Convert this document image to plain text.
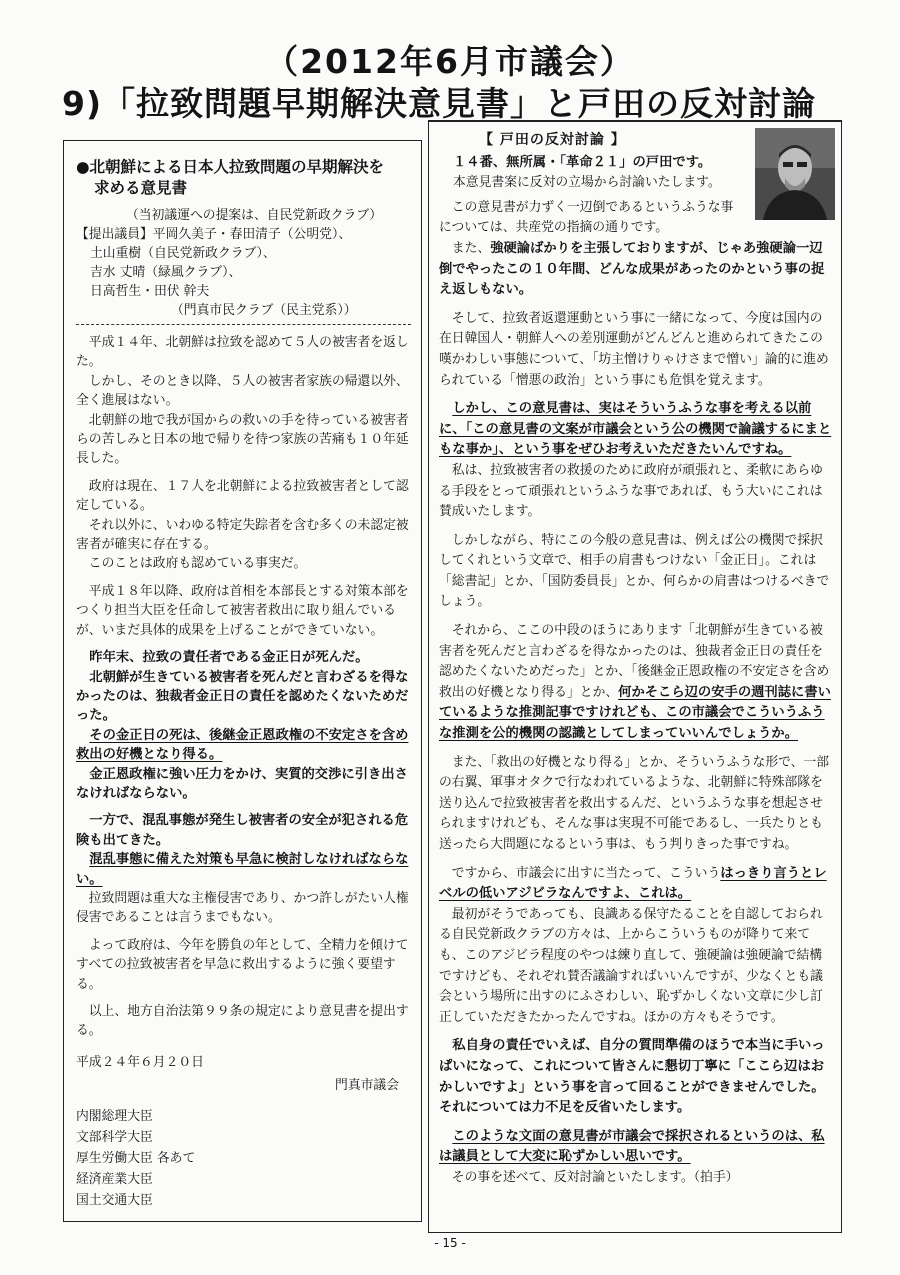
（2012年6月市議会）
9)「拉致問題早期解決意見書」と戸田の反対討論

●北朝鮮による日本人拉致問題の早期解決を
求める意見書

（当初議運への提案は、自民党新政クラブ）
【提出議員】平岡久美子・春田清子（公明党）、
土山重樹（自民党新政クラブ）、
吉水 丈晴（緑風クラブ）、
日高哲生・田伏 幹夫
（門真市民クラブ（民主党系））

　平成１４年、北朝鮮は拉致を認めて５人の被害者を返した。

　しかし、そのとき以降、５人の被害者家族の帰還以外、全く進展はない。

　北朝鮮の地で我が国からの救いの手を待っている被害者らの苦しみと日本の地で帰りを待つ家族の苦痛も１０年延長した。

　政府は現在、１７人を北朝鮮による拉致被害者として認定している。

　それ以外に、いわゆる特定失踪者を含む多くの未認定被害者が確実に存在する。

　このことは政府も認めている事実だ。

　平成１８年以降、政府は首相を本部長とする対策本部をつくり担当大臣を任命して被害者救出に取り組んでいるが、いまだ具体的成果を上げることができていない。

　昨年末、拉致の責任者である金正日が死んだ。

　北朝鮮が生きている被害者を死んだと言わざるを得なかったのは、独裁者金正日の責任を認めたくないためだった。

　その金正日の死は、後継金正恩政権の不安定さを含め救出の好機となり得る。

　金正恩政権に強い圧力をかけ、実質的交渉に引き出さなければならない。

　一方で、混乱事態が発生し被害者の安全が犯される危険も出てきた。

　混乱事態に備えた対策も早急に検討しなければならない。

　拉致問題は重大な主権侵害であり、かつ許しがたい人権侵害であることは言うまでもない。

　よって政府は、今年を勝負の年として、全精力を傾けてすべての拉致被害者を早急に救出するように強く要望する。

　以上、地方自治法第９９条の規定により意見書を提出する。

平成２４年６月２０日

門真市議会

内閣総理大臣

文部科学大臣

厚生労働大臣 各あて

経済産業大臣

国土交通大臣

【 戸田の反対討論 】

１４番、無所属・「革命２１」の戸田です。

本意見書案に反対の立場から討論いたします。

　この意見書が力ずく一辺倒であるというふうな事については、共産党の指摘の通りです。

　また、強硬論ばかりを主張しておりますが、じゃあ強硬論一辺倒でやったこの１０年間、どんな成果があったのかという事の捉え返しもない。

　そして、拉致者返還運動という事に一緒になって、今度は国内の在日韓国人・朝鮮人への差別運動がどんどんと進められてきたこの嘆かわしい事態について、「坊主憎けりゃけさまで憎い」論的に進められている「憎悪の政治」という事にも危惧を覚えます。

　しかし、この意見書は、実はそういうふうな事を考える以前に、「この意見書の文案が市議会という公の機関で論議するにまともな事か」、という事をぜひお考えいただきたいんですね。

　私は、拉致被害者の救援のために政府が頑張れと、柔軟にあらゆる手段をとって頑張れというふうな事であれば、もう大いにこれは賛成いたします。

　しかしながら、特にこの今般の意見書は、例えば公の機関で採択してくれという文章で、相手の肩書もつけない「金正日」。これは「総書記」とか、「国防委員長」とか、何らかの肩書はつけるべきでしょう。

　それから、ここの中段のほうにあります「北朝鮮が生きている被害者を死んだと言わざるを得なかったのは、独裁者金正日の責任を認めたくないためだった」とか、「後継金正恩政権の不安定さを含め救出の好機となり得る」とか、何かそこら辺の安手の週刊誌に書いているような推測記事ですけれども、この市議会でこういうふうな推測を公的機関の認識としてしまっていいんでしょうか。

　また、「救出の好機となり得る」とか、そういうふうな形で、一部の右翼、軍事オタクで行なわれているような、北朝鮮に特殊部隊を送り込んで拉致被害者を救出するんだ、というふうな事を想起させられますけれども、そんな事は実現不可能であるし、一兵たりとも送ったら大問題になるという事は、もう判りきった事ですね。

　ですから、市議会に出すに当たって、こういうはっきり言うとレベルの低いアジビラなんですよ、これは。

　最初がそうであっても、良識ある保守たることを自認しておられる自民党新政クラブの方々は、上からこういうものが降りて来ても、このアジビラ程度のやつは練り直して、強硬論は強硬論で結構ですけども、それぞれ賛否議論すればいいんですが、少なくとも議会という場所に出すのにふさわしい、恥ずかしくない文章に少し訂正していただきたかったんですね。ほかの方々もそうです。

　私自身の責任でいえば、自分の質問準備のほうで本当に手いっぱいになって、これについて皆さんに懇切丁寧に「ここら辺はおかしいですよ」という事を言って回ることができませんでした。それについては力不足を反省いたします。

　このような文面の意見書が市議会で採択されるというのは、私は議員として大変に恥ずかしい思いです。

　その事を述べて、反対討論といたします。（拍手）

- 15 -
